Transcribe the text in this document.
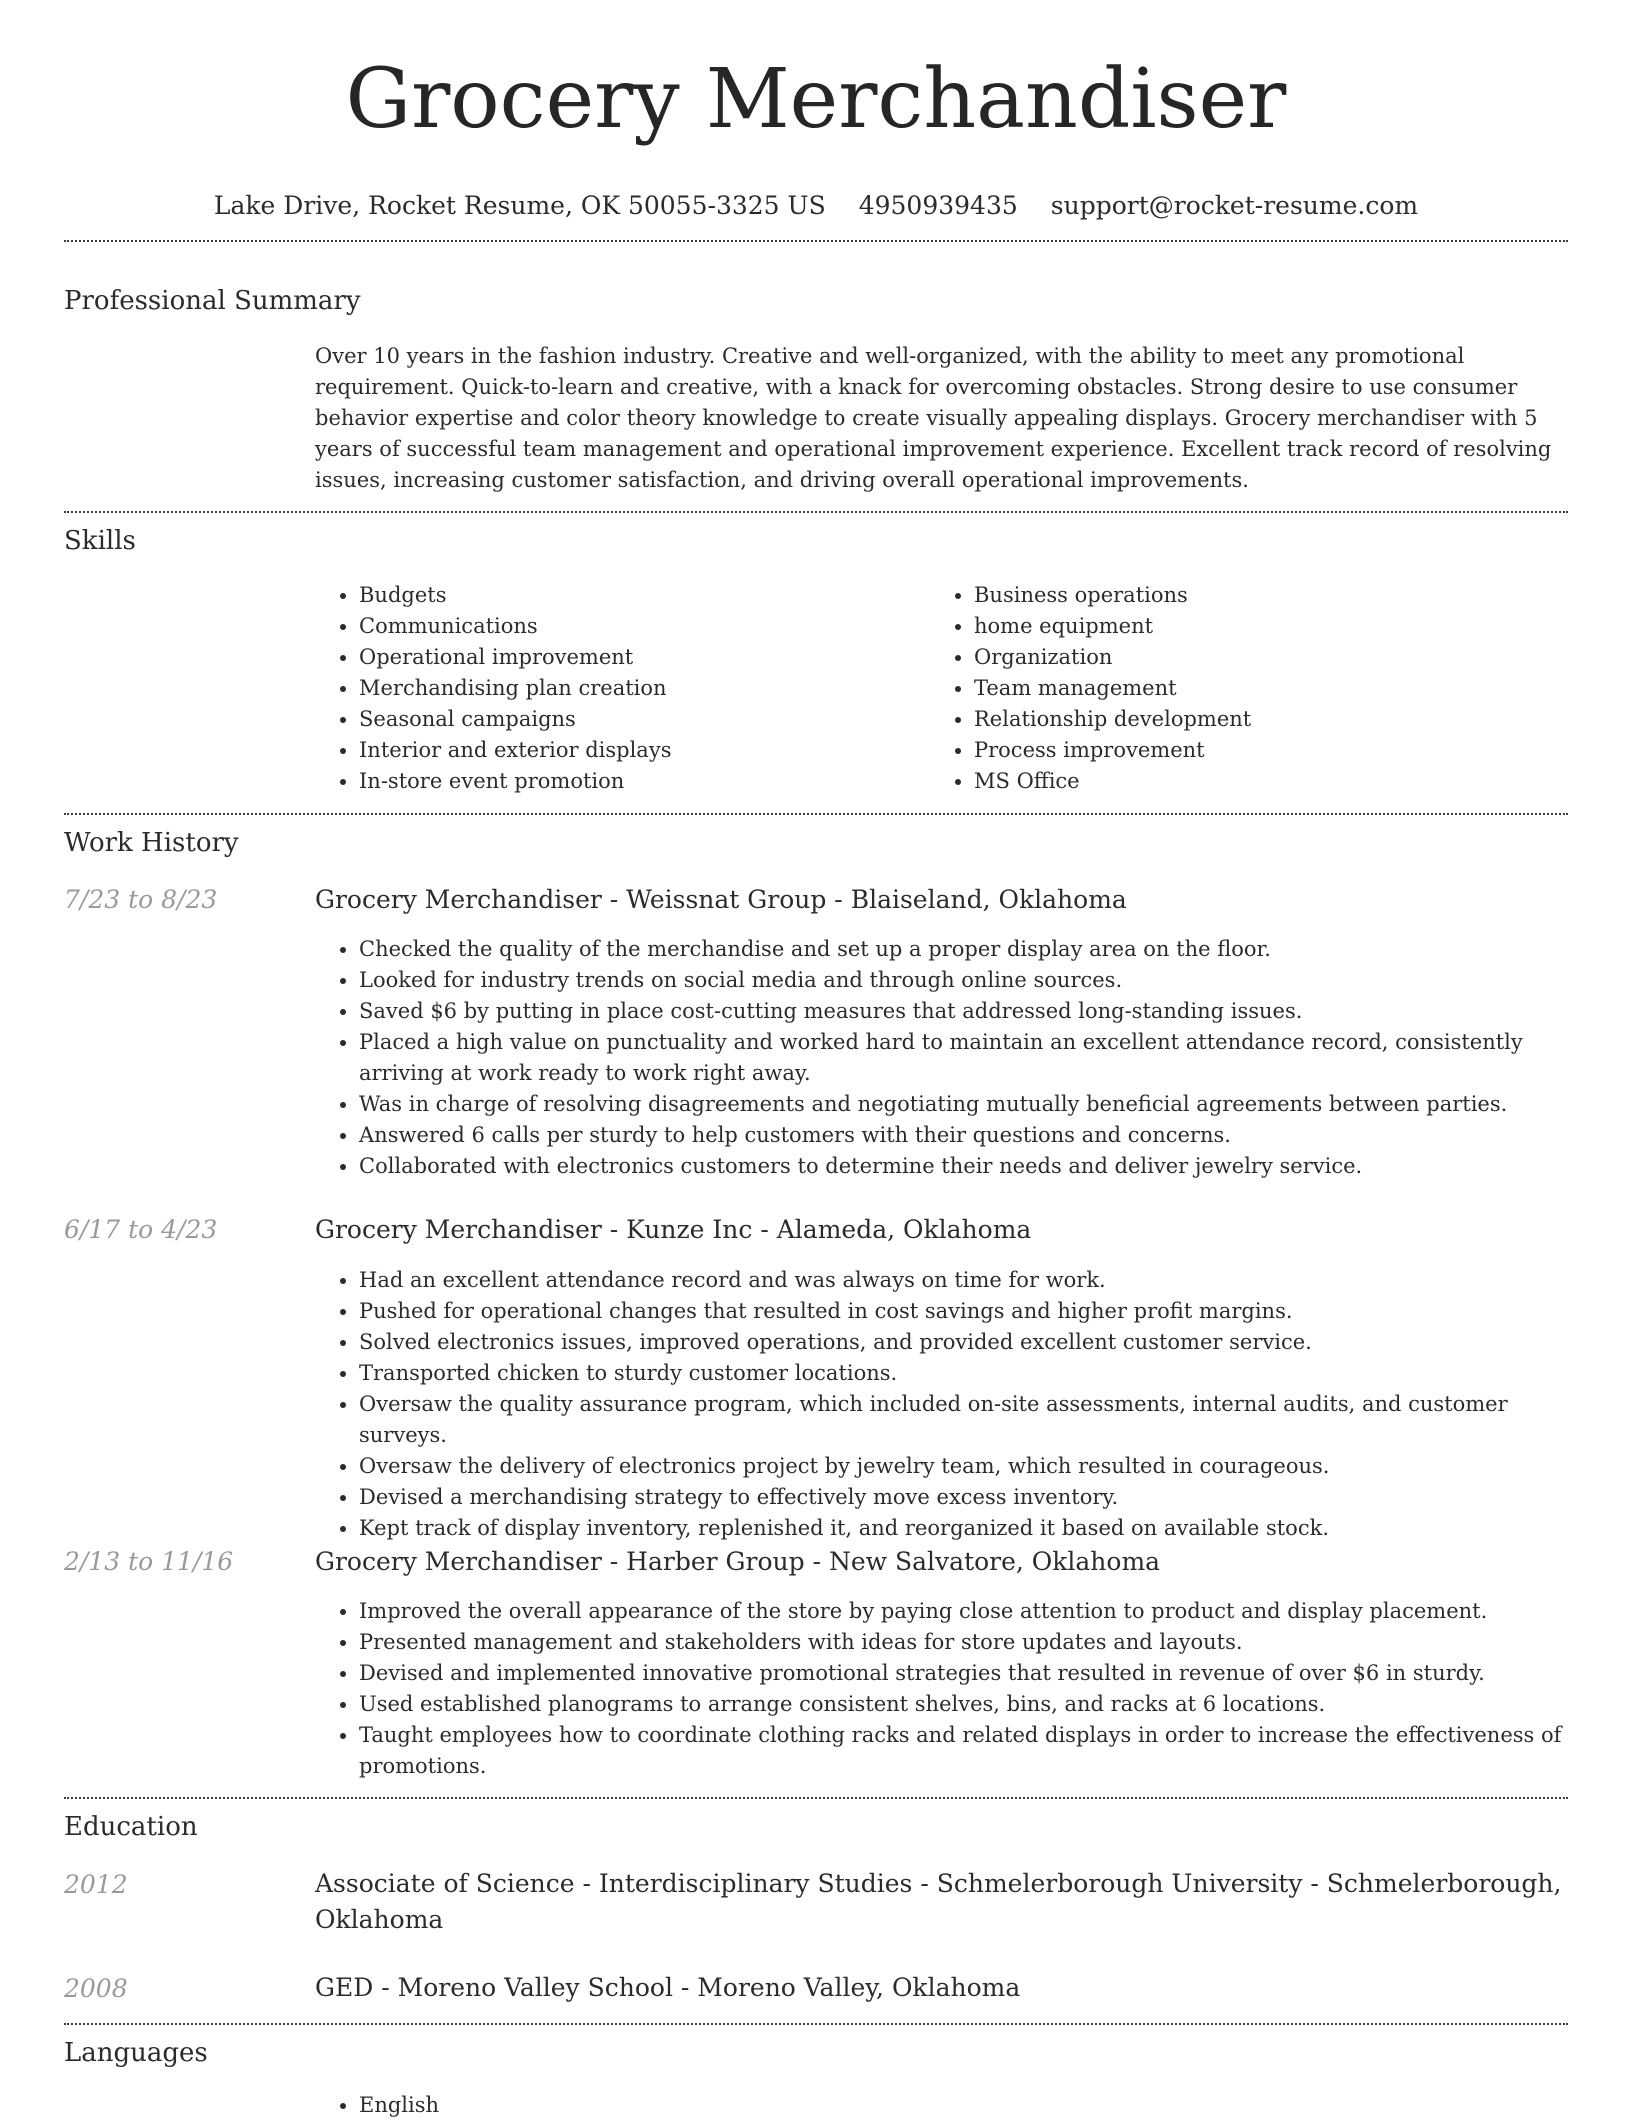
Grocery Merchandiser
Lake Drive, Rocket Resume, OK 50055-3325 US 4950939435 support@rocket-resume.com
Professional Summary

Over 10 years in the fashion industry. Creative and well-organized, with the ability to meet any promotional requirement. Quick-to-learn and creative, with a knack for overcoming obstacles. Strong desire to use consumer behavior expertise and color theory knowledge to create visually appealing displays. Grocery merchandiser with 5 years of successful team management and operational improvement experience. Excellent track record of resolving issues, increasing customer satisfaction, and driving overall operational improvements.

Skills
• Budgets
• Communications
• Operational improvement
• Merchandising plan creation
• Seasonal campaigns
• Interior and exterior displays
• In-store event promotion
• Business operations
• home equipment
• Organization
• Team management
• Relationship development
• Process improvement
• MS Office
Work History
7/23 to 8/23	Grocery Merchandiser - Weissnat Group - Blaiseland, Oklahoma
• Checked the quality of the merchandise and set up a proper display area on the floor.
• Looked for industry trends on social media and through online sources.
• Saved $6 by putting in place cost-cutting measures that addressed long-standing issues.
• Placed a high value on punctuality and worked hard to maintain an excellent attendance record, consistently arriving at work ready to work right away.
• Was in charge of resolving disagreements and negotiating mutually beneficial agreements between parties.
• Answered 6 calls per sturdy to help customers with their questions and concerns.
• Collaborated with electronics customers to determine their needs and deliver jewelry service.
6/17 to 4/23	Grocery Merchandiser - Kunze Inc - Alameda, Oklahoma
• Had an excellent attendance record and was always on time for work.
• Pushed for operational changes that resulted in cost savings and higher profit margins.
• Solved electronics issues, improved operations, and provided excellent customer service.
• Transported chicken to sturdy customer locations.
• Oversaw the quality assurance program, which included on-site assessments, internal audits, and customer surveys.
• Oversaw the delivery of electronics project by jewelry team, which resulted in courageous.
• Devised a merchandising strategy to effectively move excess inventory.
• Kept track of display inventory, replenished it, and reorganized it based on available stock.
2/13 to 11/16	Grocery Merchandiser - Harber Group - New Salvatore, Oklahoma
• Improved the overall appearance of the store by paying close attention to product and display placement.
• Presented management and stakeholders with ideas for store updates and layouts.
• Devised and implemented innovative promotional strategies that resulted in revenue of over $6 in sturdy.
• Used established planograms to arrange consistent shelves, bins, and racks at 6 locations.
• Taught employees how to coordinate clothing racks and related displays in order to increase the effectiveness of promotions.
Education
2012	Associate of Science - Interdisciplinary Studies - Schmelerborough University - Schmelerborough, Oklahoma
2008	GED - Moreno Valley School - Moreno Valley, Oklahoma
Languages
• English
